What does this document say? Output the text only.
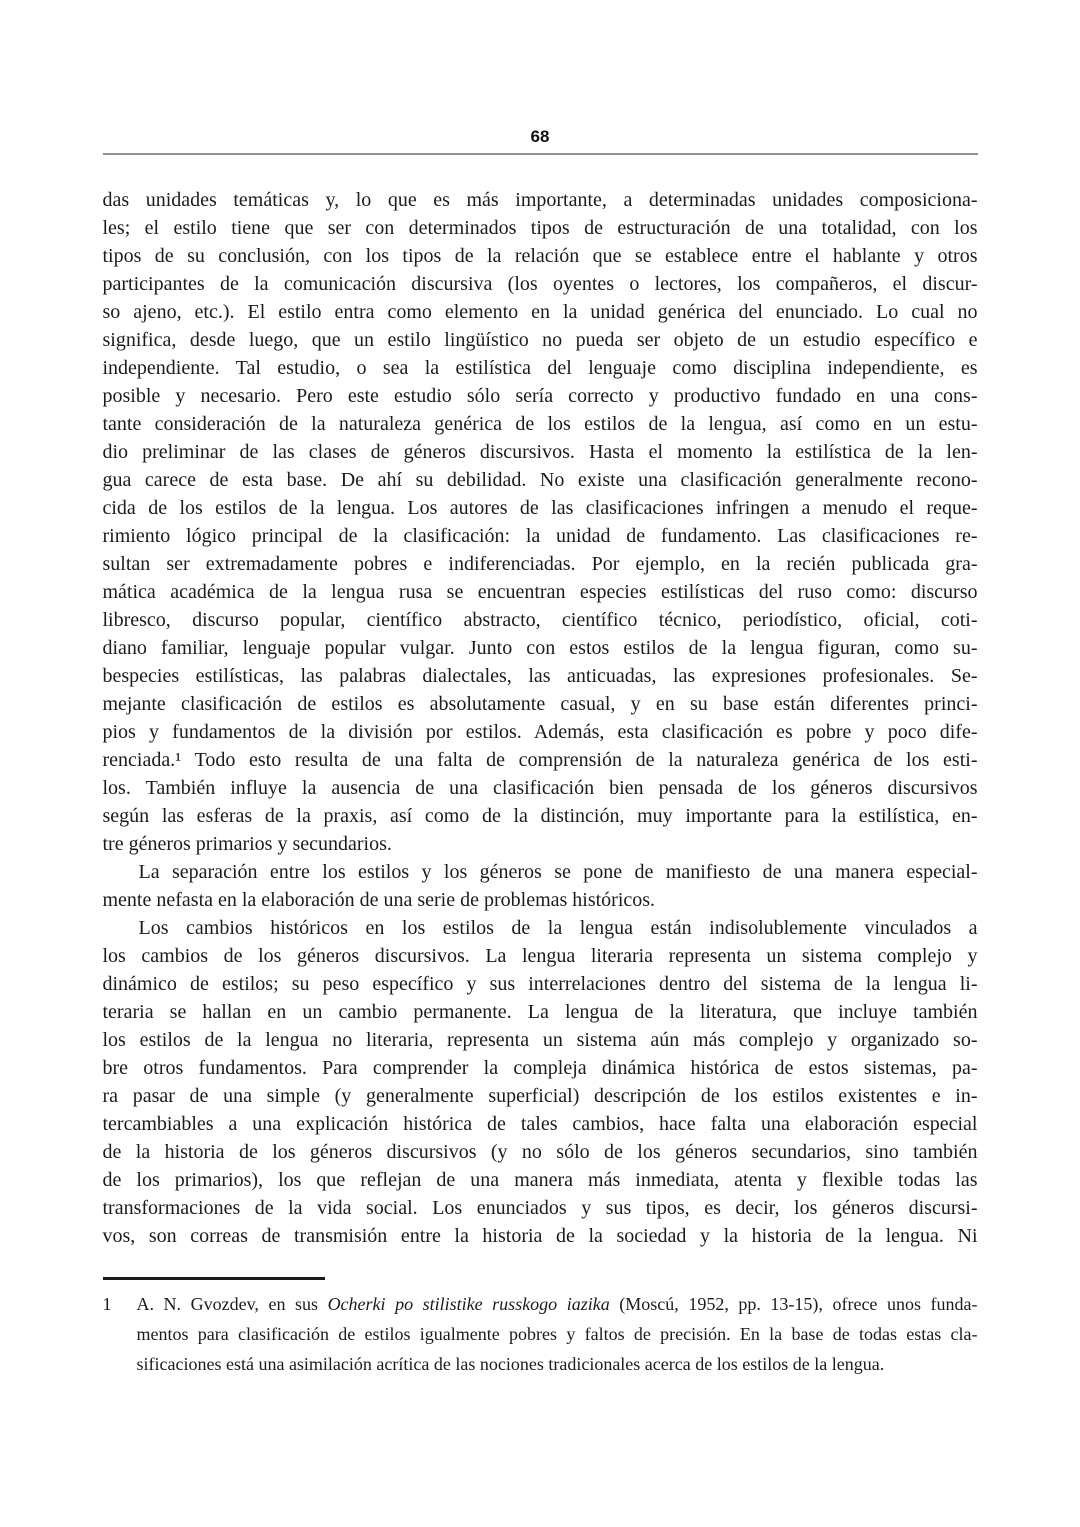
68
das unidades temáticas y, lo que es más importante, a determinadas unidades composiciona-
les; el estilo tiene que ser con determinados tipos de estructuración de una totalidad, con los
tipos de su conclusión, con los tipos de la relación que se establece entre el hablante y otros
participantes de la comunicación discursiva (los oyentes o lectores, los compañeros, el discur-
so ajeno, etc.). El estilo entra como elemento en la unidad genérica del enunciado. Lo cual no
significa, desde luego, que un estilo lingüístico no pueda ser objeto de un estudio específico e
independiente. Tal estudio, o sea la estilística del lenguaje como disciplina independiente, es
posible y necesario. Pero este estudio sólo sería correcto y productivo fundado en una cons-
tante consideración de la naturaleza genérica de los estilos de la lengua, así como en un estu-
dio preliminar de las clases de géneros discursivos. Hasta el momento la estilística de la len-
gua carece de esta base. De ahí su debilidad. No existe una clasificación generalmente recono-
cida de los estilos de la lengua. Los autores de las clasificaciones infringen a menudo el reque-
rimiento lógico principal de la clasificación: la unidad de fundamento. Las clasificaciones re-
sultan ser extremadamente pobres e indiferenciadas. Por ejemplo, en la recién publicada gra-
mática académica de la lengua rusa se encuentran especies estilísticas del ruso como: discurso
libresco, discurso popular, científico abstracto, científico técnico, periodístico, oficial, coti-
diano familiar, lenguaje popular vulgar. Junto con estos estilos de la lengua figuran, como su-
bespecies estilísticas, las palabras dialectales, las anticuadas, las expresiones profesionales. Se-
mejante clasificación de estilos es absolutamente casual, y en su base están diferentes princi-
pios y fundamentos de la división por estilos. Además, esta clasificación es pobre y poco dife-
renciada.¹ Todo esto resulta de una falta de comprensión de la naturaleza genérica de los esti-
los. También influye la ausencia de una clasificación bien pensada de los géneros discursivos
según las esferas de la praxis, así como de la distinción, muy importante para la estilística, en-
tre géneros primarios y secundarios.
La separación entre los estilos y los géneros se pone de manifiesto de una manera especial-
mente nefasta en la elaboración de una serie de problemas históricos.
Los cambios históricos en los estilos de la lengua están indisolublemente vinculados a
los cambios de los géneros discursivos. La lengua literaria representa un sistema complejo y
dinámico de estilos; su peso específico y sus interrelaciones dentro del sistema de la lengua li-
teraria se hallan en un cambio permanente. La lengua de la literatura, que incluye también
los estilos de la lengua no literaria, representa un sistema aún más complejo y organizado so-
bre otros fundamentos. Para comprender la compleja dinámica histórica de estos sistemas, pa-
ra pasar de una simple (y generalmente superficial) descripción de los estilos existentes e in-
tercambiables a una explicación histórica de tales cambios, hace falta una elaboración especial
de la historia de los géneros discursivos (y no sólo de los géneros secundarios, sino también
de los primarios), los que reflejan de una manera más inmediata, atenta y flexible todas las
transformaciones de la vida social. Los enunciados y sus tipos, es decir, los géneros discursi-
vos, son correas de transmisión entre la historia de la sociedad y la historia de la lengua. Ni
1 A. N. Gvozdev, en sus Ocherki po stilistike russkogo iazika (Moscú, 1952, pp. 13-15), ofrece unos funda-
mentos para clasificación de estilos igualmente pobres y faltos de precisión. En la base de todas estas cla-
sificaciones está una asimilación acrítica de las nociones tradicionales acerca de los estilos de la lengua.
